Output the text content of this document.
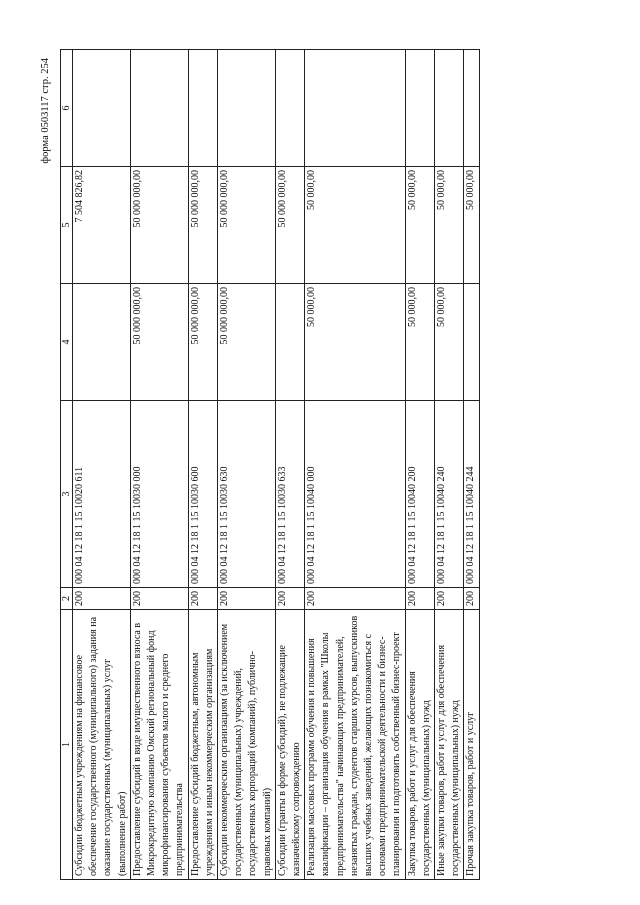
форма 0503117 стр. 254
1	2	3	4	5	6
Субсидии бюджетным учреждениям на финансовое обеспечение государственного (муниципального) задания на оказание государственных (муниципальных) услуг (выполнение работ)	200	000 04 12 18 1 15 10020 611		7 504 826,82	
Предоставление субсидий в виде имущественного взноса в Микрокредитную компанию Омский региональный фонд микрофинансирования субъектов малого и среднего предпринимательства	200	000 04 12 18 1 15 10030 000	50 000 000,00	50 000 000,00	
Предоставление субсидий бюджетным, автономным учреждениям и иным некоммерческим организациям	200	000 04 12 18 1 15 10030 600	50 000 000,00	50 000 000,00	
Субсидии некоммерческим организациям (за исключением государственных (муниципальных) учреждений, государственных корпораций (компаний), публично-правовых компаний)	200	000 04 12 18 1 15 10030 630	50 000 000,00	50 000 000,00	
Субсидии (гранты в форме субсидий), не подлежащие казначейскому сопровождению	200	000 04 12 18 1 15 10030 633		50 000 000,00	
Реализация массовых программ обучения и повышения квалификации – организация обучения в рамках "Школы предпринимательства" начинающих предпринимателей, незанятых граждан, студентов старших курсов, выпускников высших учебных заведений, желающих познакомиться с основами предпринимательской деятельности и бизнес-планирования и подготовить собственный бизнес-проект	200	000 04 12 18 1 15 10040 000	50 000,00	50 000,00	
Закупка товаров, работ и услуг для обеспечения государственных (муниципальных) нужд	200	000 04 12 18 1 15 10040 200	50 000,00	50 000,00	
Иные закупки товаров, работ и услуг для обеспечения государственных (муниципальных) нужд	200	000 04 12 18 1 15 10040 240	50 000,00	50 000,00	
Прочая закупка товаров, работ и услуг	200	000 04 12 18 1 15 10040 244		50 000,00	
